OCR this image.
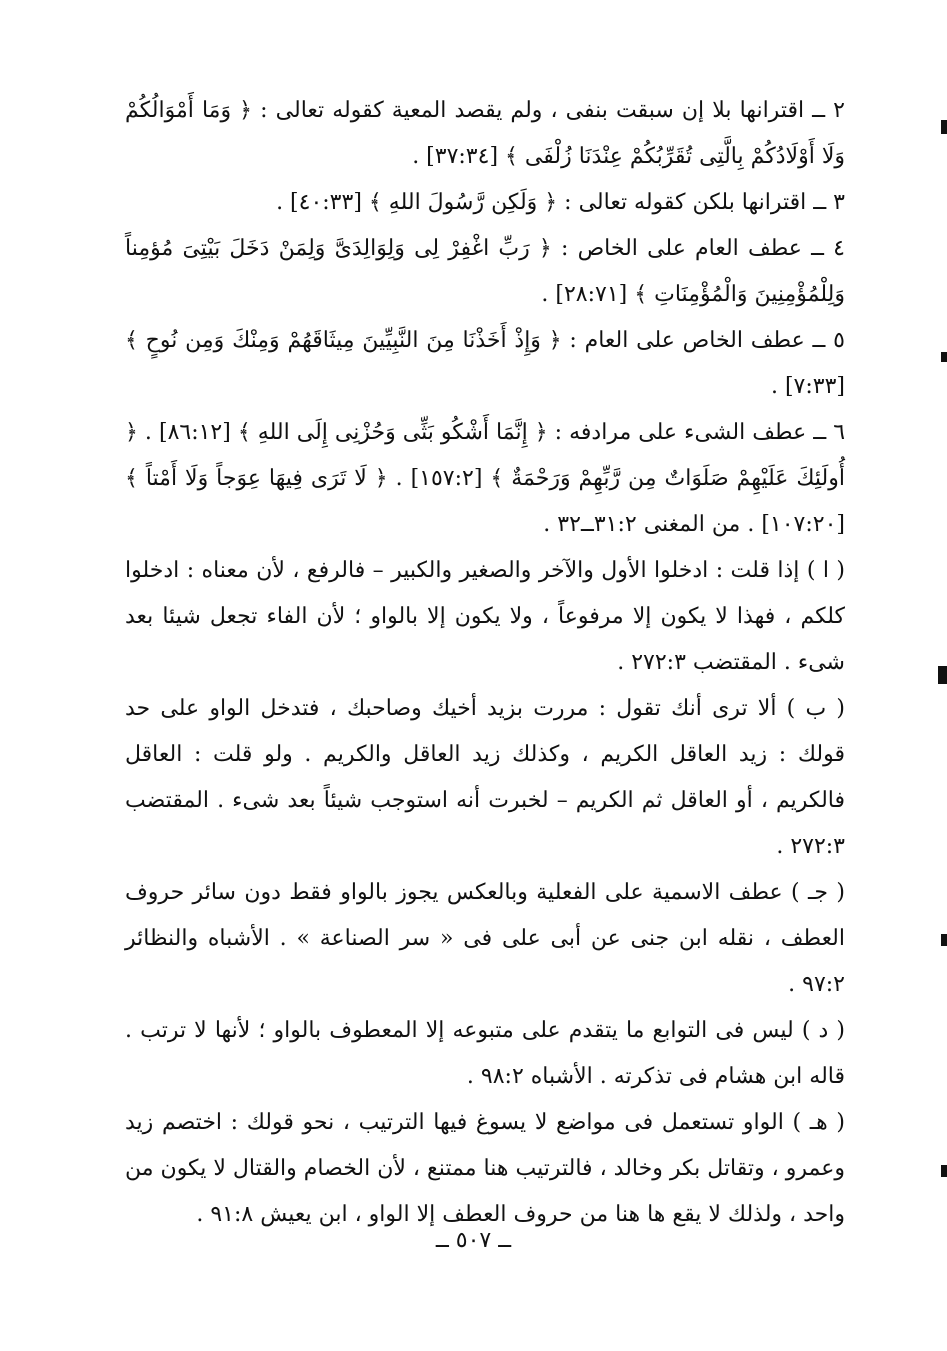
٢ ــ اقترانها بلا إن سبقت بنفى ، ولم يقصد المعية كقوله تعالى : ﴿ وَمَا أَمْوَالُكُمْ وَلَا أَوْلَادُكُمْ بِالَّتِى تُقَرِّبُكُمْ عِنْدَنَا زُلْفَى ﴾ [٣٧:٣٤] .

٣ ــ اقترانها بلكن كقوله تعالى : ﴿ وَلَكِن رَّسُولَ اللهِ ﴾ [٤٠:٣٣] .

٤ ــ عطف العام على الخاص : ﴿ رَبِّ اغْفِرْ لِى وَلِوَالِدَىَّ وَلِمَنْ دَخَلَ بَيْتِىَ مُؤمِناً وَلِلْمُؤْمِنِينَ وَالْمُؤْمِنَاتِ ﴾ [٢٨:٧١] .

٥ ــ عطف الخاص على العام : ﴿ وَإِذْ أَخَذْنَا مِنَ النَّبِيِّينَ مِيثَاقَهُمْ وَمِنْكَ وَمِن نُوحٍ ﴾ [٧:٣٣] .

٦ ــ عطف الشىء على مرادفه : ﴿ إِنَّمَا أَشْكُو بَثِّى وَحُزْنِى إِلَى اللهِ ﴾ [٨٦:١٢] . ﴿ أُولَئِكَ عَلَيْهِمْ صَلَوَاتٌ مِن رَّبِّهِمْ وَرَحْمَةٌ ﴾ [١٥٧:٢] . ﴿ لَا تَرَى فِيهَا عِوَجاً وَلَا أَمْتاً ﴾ [١٠٧:٢٠] . من المغنى ٣١:٢ــ٣٢ .

( ا ) إذا قلت : ادخلوا الأول والآخر والصغير والكبير – فالرفع ، لأن معناه : ادخلوا كلكم ، فهذا لا يكون إلا مرفوعاً ، ولا يكون إلا بالواو ؛ لأن الفاء تجعل شيئا بعد شىء . المقتضب ٢٧٢:٣ .

( ب ) ألا ترى أنك تقول : مررت بزيد أخيك وصاحبك ، فتدخل الواو على حد قولك : زيد العاقل الكريم ، وكذلك زيد العاقل والكريم . ولو قلت : العاقل فالكريم ، أو العاقل ثم الكريم – لخبرت أنه استوجب شيئاً بعد شىء . المقتضب ٢٧٢:٣ .

( جـ ) عطف الاسمية على الفعلية وبالعكس يجوز بالواو فقط دون سائر حروف العطف ، نقله ابن جنى عن أبى على فى « سر الصناعة » . الأشباه والنظائر ٩٧:٢ .

( د ) ليس فى التوابع ما يتقدم على متبوعه إلا المعطوف بالواو ؛ لأنها لا ترتب . قاله ابن هشام فى تذكرته . الأشباه ٩٨:٢ .

( هـ ) الواو تستعمل فى مواضع لا يسوغ فيها الترتيب ، نحو قولك : اختصم زيد وعمرو ، وتقاتل بكر وخالد ، فالترتيب هنا ممتنع ، لأن الخصام والقتال لا يكون من واحد ، ولذلك لا يقع ها هنا من حروف العطف إلا الواو ، ابن يعيش ٩١:٨ .

ــ ٥٠٧ ــ
